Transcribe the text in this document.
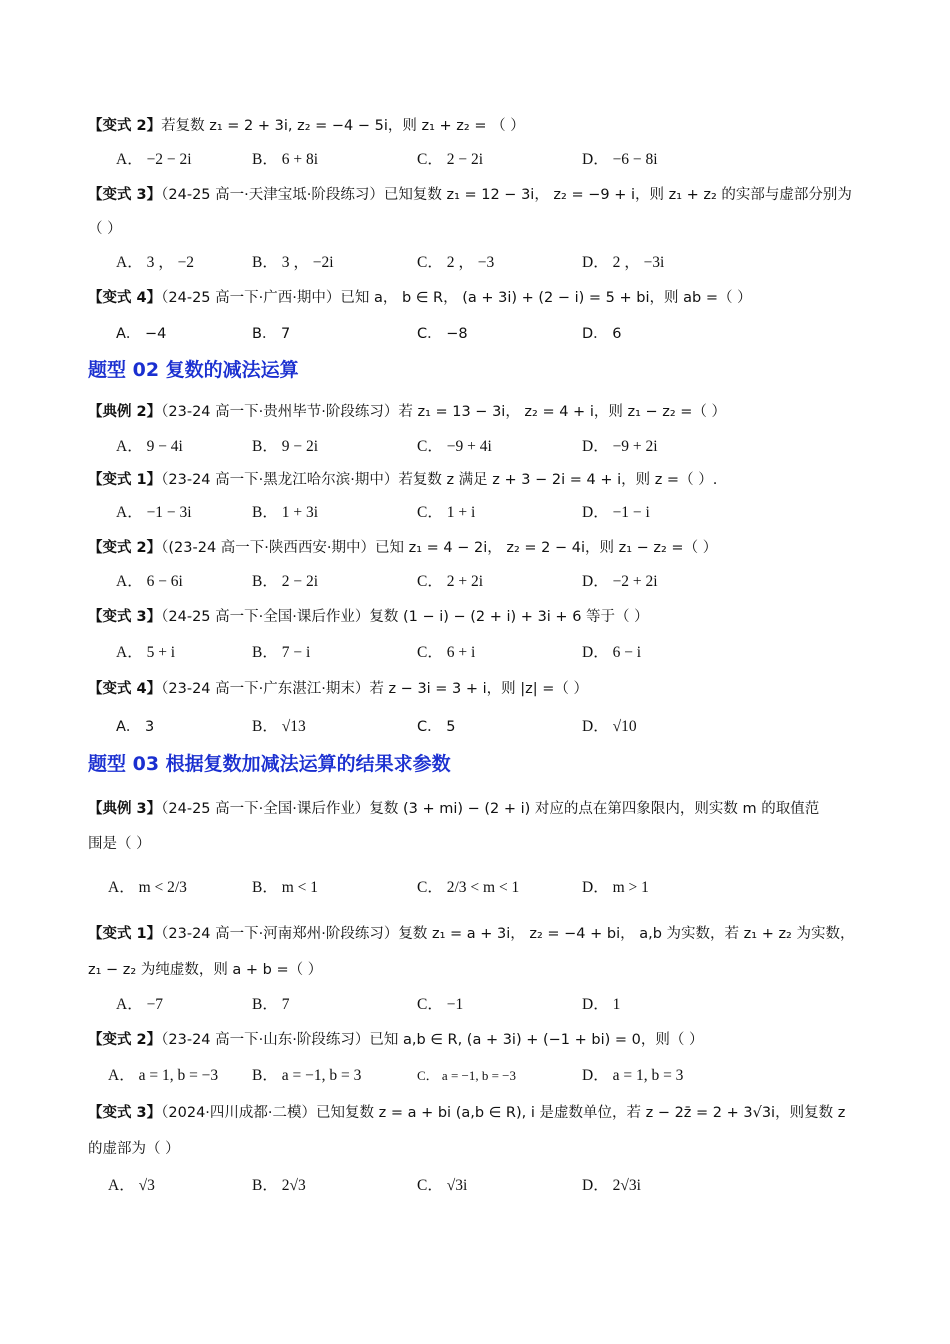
【变式 2】若复数 z₁ = 2 + 3i, z₂ = −4 − 5i，则 z₁ + z₂ = （ ）
A． −2 − 2i	B． 6 + 8i	C． 2 − 2i	D． −6 − 8i
【变式 3】（24-25 高一·天津宝坻·阶段练习）已知复数 z₁ = 12 − 3i， z₂ = −9 + i，则 z₁ + z₂ 的实部与虚部分别为
（ ）
A． 3 ， −2	B． 3 ， −2i	C． 2 ， −3	D． 2 ， −3i
【变式 4】（24-25 高一下·广西·期中）已知 a， b ∈ R， (a + 3i) + (2 − i) = 5 + bi，则 ab =（ ）
A． −4	B． 7	C． −8	D． 6
题型 02 复数的减法运算
【典例 2】（23-24 高一下·贵州毕节·阶段练习）若 z₁ = 13 − 3i， z₂ = 4 + i，则 z₁ − z₂ =（ ）
A． 9 − 4i	B． 9 − 2i	C． −9 + 4i	D． −9 + 2i
【变式 1】（23-24 高一下·黑龙江哈尔滨·期中）若复数 z 满足 z + 3 − 2i = 4 + i，则 z =（ ）.
A． −1 − 3i	B． 1 + 3i	C． 1 + i	D． −1 − i
【变式 2】（(23-24 高一下·陕西西安·期中）已知 z₁ = 4 − 2i， z₂ = 2 − 4i，则 z₁ − z₂ =（ ）
A． 6 − 6i	B． 2 − 2i	C． 2 + 2i	D． −2 + 2i
【变式 3】（24-25 高一下·全国·课后作业）复数 (1 − i) − (2 + i) + 3i + 6 等于（ ）
A． 5 + i	B． 7 − i	C． 6 + i	D． 6 − i
【变式 4】（23-24 高一下·广东湛江·期末）若 z − 3i = 3 + i，则 |z| =（ ）
A． 3	B． √13	C． 5	D． √10
题型 03 根据复数加减法运算的结果求参数
【典例 3】（24-25 高一下·全国·课后作业）复数 (3 + mi) − (2 + i) 对应的点在第四象限内，则实数 m 的取值范
围是（ ）
A． m < 2/3	B． m < 1	C． 2/3 < m < 1	D． m > 1
【变式 1】（23-24 高一下·河南郑州·阶段练习）复数 z₁ = a + 3i， z₂ = −4 + bi， a,b 为实数，若 z₁ + z₂ 为实数，
z₁ − z₂ 为纯虚数，则 a + b =（ ）
A． −7	B． 7	C． −1	D． 1
【变式 2】（23-24 高一下·山东·阶段练习）已知 a,b ∈ R, (a + 3i) + (−1 + bi) = 0，则（ ）
A． a = 1, b = −3 B． a = −1, b = 3	C． a = −1, b = −3	D． a = 1, b = 3
【变式 3】（2024·四川成都·二模）已知复数 z = a + bi (a,b ∈ R), i 是虚数单位，若 z − 2z̄ = 2 + 3√3i，则复数 z
的虚部为（ ）
A． √3	B． 2√3	C． √3i	D． 2√3i
